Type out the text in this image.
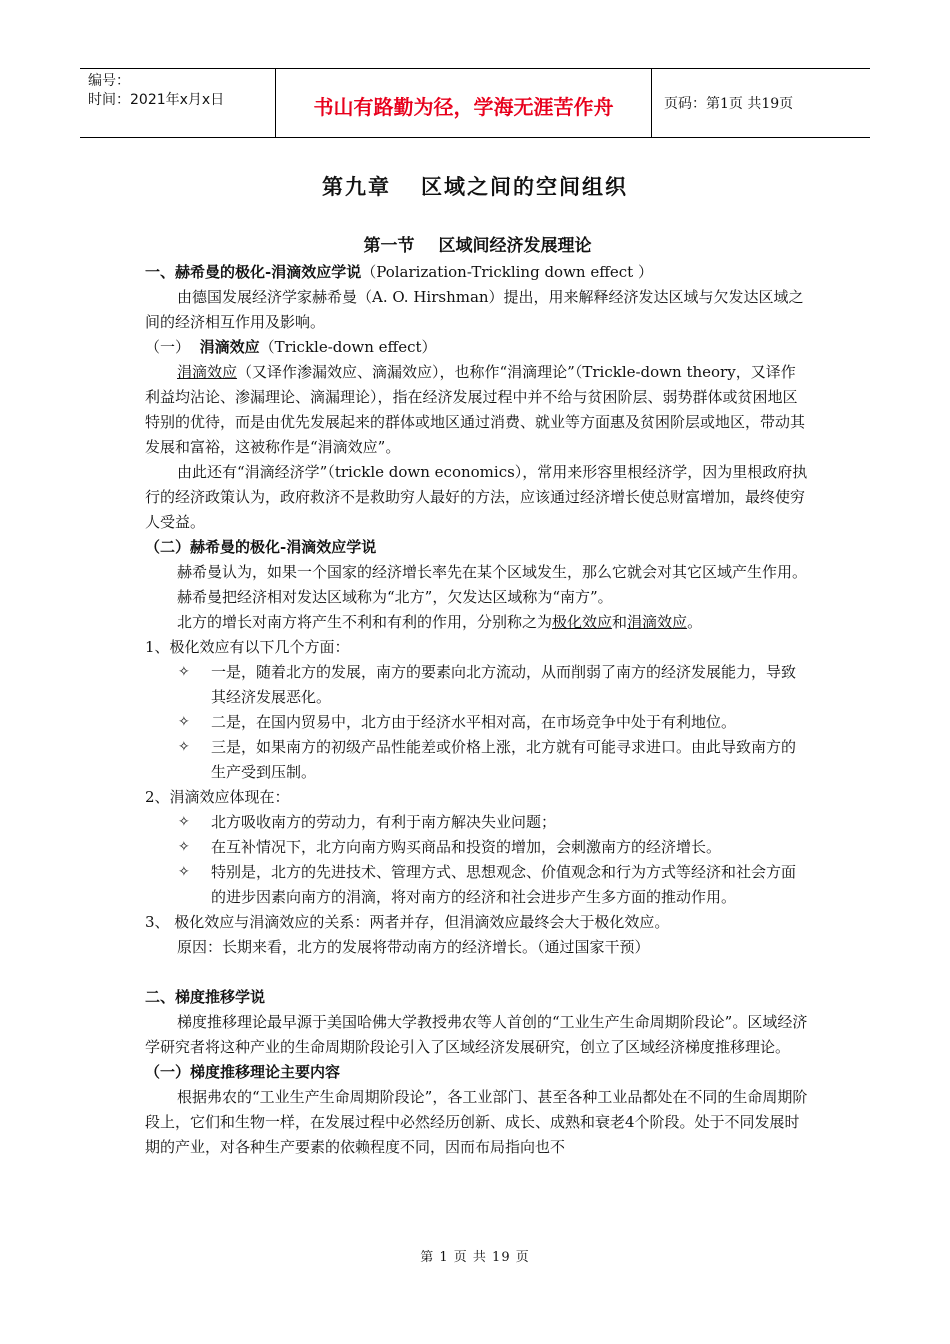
编号：
时间：2021年x月x日	书山有路勤为径，学海无涯苦作舟	页码：第1页 共19页
第九章 区域之间的空间组织

第一节 区域间经济发展理论

一、赫希曼的极化-涓滴效应学说（Polarization-Trickling down effect ）

由德国发展经济学家赫希曼（A. O. Hirshman）提出，用来解释经济发达区域与欠发达区域之间的经济相互作用及影响。

（一） 涓滴效应（Trickle-down effect）

涓滴效应（又译作渗漏效应、滴漏效应），也称作“涓滴理论”（Trickle-down theory，又译作利益均沾论、渗漏理论、滴漏理论），指在经济发展过程中并不给与贫困阶层、弱势群体或贫困地区特别的优待，而是由优先发展起来的群体或地区通过消费、就业等方面惠及贫困阶层或地区，带动其发展和富裕，这被称作是“涓滴效应”。

由此还有“涓滴经济学”（trickle down economics），常用来形容里根经济学，因为里根政府执行的经济政策认为，政府救济不是救助穷人最好的方法，应该通过经济增长使总财富增加，最终使穷人受益。

（二）赫希曼的极化-涓滴效应学说

赫希曼认为，如果一个国家的经济增长率先在某个区域发生，那么它就会对其它区域产生作用。

赫希曼把经济相对发达区域称为“北方”，欠发达区域称为“南方”。

北方的增长对南方将产生不利和有利的作用，分别称之为极化效应和涓滴效应。

1、极化效应有以下几个方面：

✧ 一是，随着北方的发展，南方的要素向北方流动，从而削弱了南方的经济发展能力，导致其经济发展恶化。
✧ 二是，在国内贸易中，北方由于经济水平相对高，在市场竞争中处于有利地位。
✧ 三是，如果南方的初级产品性能差或价格上涨，北方就有可能寻求进口。由此导致南方的生产受到压制。

2、涓滴效应体现在：

✧ 北方吸收南方的劳动力，有利于南方解决失业问题；
✧ 在互补情况下，北方向南方购买商品和投资的增加，会刺激南方的经济增长。
✧ 特别是，北方的先进技术、管理方式、思想观念、价值观念和行为方式等经济和社会方面的进步因素向南方的涓滴，将对南方的经济和社会进步产生多方面的推动作用。

3、 极化效应与涓滴效应的关系：两者并存，但涓滴效应最终会大于极化效应。

原因：长期来看，北方的发展将带动南方的经济增长。（通过国家干预）

二、梯度推移学说

梯度推移理论最早源于美国哈佛大学教授弗农等人首创的“工业生产生命周期阶段论”。区域经济学研究者将这种产业的生命周期阶段论引入了区域经济发展研究，创立了区域经济梯度推移理论。

（一）梯度推移理论主要内容

根据弗农的“工业生产生命周期阶段论”，各工业部门、甚至各种工业品都处在不同的生命周期阶段上，它们和生物一样，在发展过程中必然经历创新、成长、成熟和衰老4个阶段。处于不同发展时期的产业，对各种生产要素的依赖程度不同，因而布局指向也不

第 1 页 共 19 页
